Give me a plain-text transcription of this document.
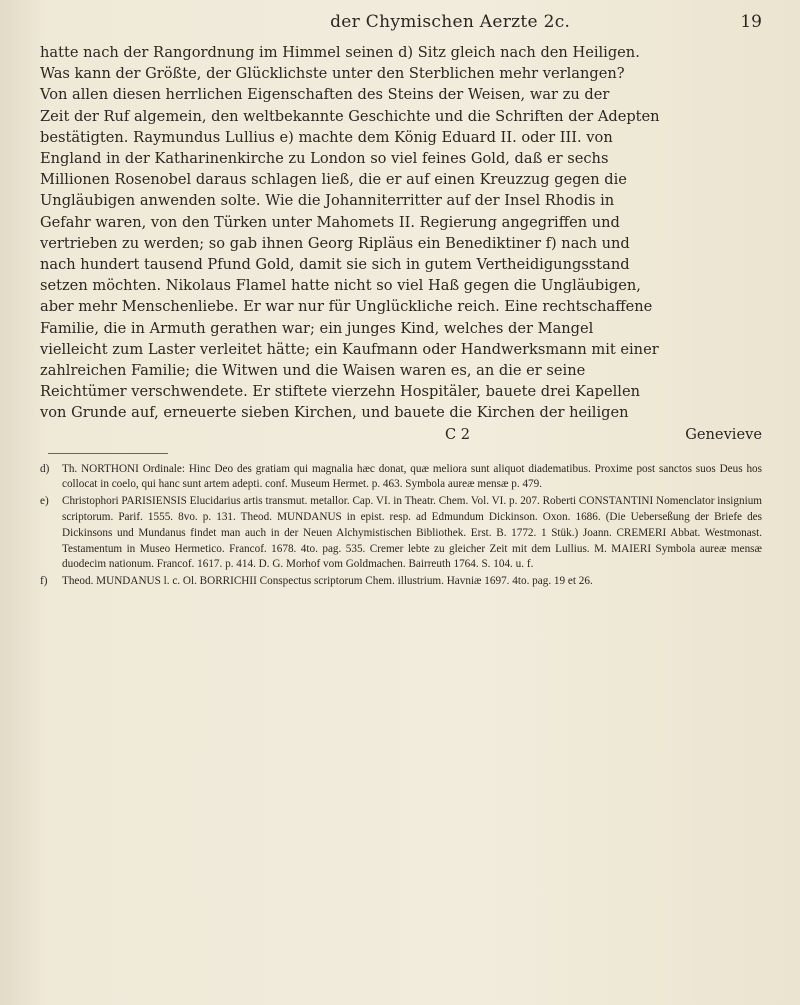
der Chymischen Aerzte 2c.	19

hatte nach der Rangordnung im Himmel seinen d) Sitz gleich nach den Heiligen.

Was kann der Größte, der Glücklichste unter den Sterblichen mehr verlangen?

Von allen diesen herrlichen Eigenschaften des Steins der Weisen, war zu der

Zeit der Ruf algemein, den weltbekannte Geschichte und die Schriften der Adepten

bestätigten. Raymundus Lullius e) machte dem König Eduard II. oder III. von

England in der Katharinenkirche zu London so viel feines Gold, daß er sechs

Millionen Rosenobel daraus schlagen ließ, die er auf einen Kreuzzug gegen die

Ungläubigen anwenden solte. Wie die Johanniterritter auf der Insel Rhodis in

Gefahr waren, von den Türken unter Mahomets II. Regierung angegriffen und

vertrieben zu werden; so gab ihnen Georg Ripläus ein Benediktiner f) nach und

nach hundert tausend Pfund Gold, damit sie sich in gutem Vertheidigungsstand

setzen möchten. Nikolaus Flamel hatte nicht so viel Haß gegen die Ungläubigen,

aber mehr Menschenliebe. Er war nur für Unglückliche reich. Eine rechtschaffene

Familie, die in Armuth gerathen war; ein junges Kind, welches der Mangel

vielleicht zum Laster verleitet hätte; ein Kaufmann oder Handwerksmann mit einer

zahlreichen Familie; die Witwen und die Waisen waren es, an die er seine

Reichtümer verschwendete. Er stiftete vierzehn Hospitäler, bauete drei Kapellen

von Grunde auf, erneuerte sieben Kirchen, und bauete die Kirchen der heiligen

C 2	Genevieve

d) Th. NORTHONI Ordinale: Hinc Deo des gratiam qui magnalia hæc donat, quæ meliora sunt aliquot diadematibus. Proxime post sanctos suos Deus hos collocat in coelo, qui hanc sunt artem adepti. conf. Museum Hermet. p. 463. Symbola aureæ mensæ p. 479.

e) Christophori PARISIENSIS Elucidarius artis transmut. metallor. Cap. VI. in Theatr. Chem. Vol. VI. p. 207. Roberti CONSTANTINI Nomenclator insignium scriptorum. Parif. 1555. 8vo. p. 131. Theod. MUNDANUS in epist. resp. ad Edmundum Dickinson. Oxon. 1686. (Die Ueberseßung der Briefe des Dickinsons und Mundanus findet man auch in der Neuen Alchymistischen Bibliothek. Erst. B. 1772. 1 Stük.) Joann. CREMERI Abbat. Westmonast. Testamentum in Museo Hermetico. Francof. 1678. 4to. pag. 535. Cremer lebte zu gleicher Zeit mit dem Lullius. M. MAIERI Symbola aureæ mensæ duodecim nationum. Francof. 1617. p. 414. D. G. Morhof vom Goldmachen. Bairreuth 1764. S. 104. u. f.

f) Theod. MUNDANUS l. c. Ol. BORRICHII Conspectus scriptorum Chem. illustrium. Havniæ 1697. 4to. pag. 19 et 26.
